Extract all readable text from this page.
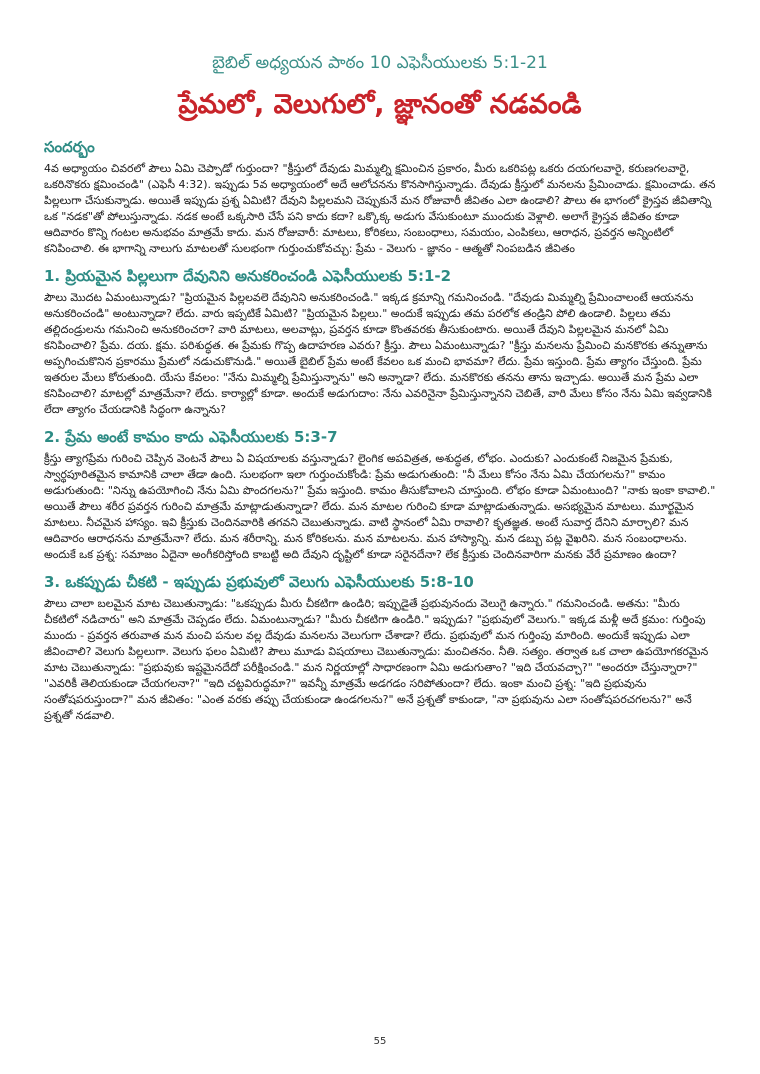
బైబిల్ అధ్యయన పాఠం 10 ఎఫెసీయులకు 5:1-21
ప్రేమలో, వెలుగులో, జ్ఞానంతో నడవండి
సందర్భం

4వ అధ్యాయం చివరలో పౌలు ఏమి చెప్పాడో గుర్తుందా? "క్రీస్తులో దేవుడు మిమ్మల్ని క్షమించిన ప్రకారం, మీరు ఒకరిపట్ల ఒకరు దయగలవారై, కరుణగలవారై, ఒకరినొకరు క్షమించండి" (ఎఫెసీ 4:32). ఇప్పుడు 5వ అధ్యాయంలో అదే ఆలోచనను కొనసాగిస్తున్నాడు. దేవుడు క్రీస్తులో మనలను ప్రేమించాడు. క్షమించాడు. తన పిల్లలుగా చేసుకున్నాడు. అయితే ఇప్పుడు ప్రశ్న ఏమిటి? దేవుని పిల్లలమని చెప్పుకునే మన రోజువారీ జీవితం ఎలా ఉండాలి? పౌలు ఈ భాగంలో క్రైస్తవ జీవితాన్ని ఒక "నడక"తో పోలుస్తున్నాడు. నడక అంటే ఒక్కసారి చేసే పని కాదు కదా? ఒక్కొక్క అడుగు వేసుకుంటూ ముందుకు వెళ్లాలి. అలాగే క్రైస్తవ జీవితం కూడా ఆదివారం కొన్ని గంటల అనుభవం మాత్రమే కాదు. మన రోజువారీ: మాటలు, కోరికలు, సంబంధాలు, సమయం, ఎంపికలు, ఆరాధన, ప్రవర్తన అన్నింటిలో కనిపించాలి. ఈ భాగాన్ని నాలుగు మాటలతో సులభంగా గుర్తుంచుకోవచ్చు: ప్రేమ - వెలుగు - జ్ఞానం - ఆత్మతో నింపబడిన జీవితం

1. ప్రియమైన పిల్లలుగా దేవునిని అనుకరించండి ఎఫెసీయులకు 5:1-2

పౌలు మొదట ఏమంటున్నాడు? "ప్రియమైన పిల్లలవలె దేవునిని అనుకరించండి." ఇక్కడ క్రమాన్ని గమనించండి. "దేవుడు మిమ్మల్ని ప్రేమించాలంటే ఆయనను అనుకరించండి" అంటున్నాడా? లేదు. వారు ఇప్పటికే ఏమిటి? "ప్రియమైన పిల్లలు." అందుకే ఇప్పుడు తమ పరలోక తండ్రిని పోలి ఉండాలి. పిల్లలు తమ తల్లిదండ్రులను గమనించి అనుకరించరా? వారి మాటలు, అలవాట్లు, ప్రవర్తన కూడా కొంతవరకు తీసుకుంటారు. అయితే దేవుని పిల్లలమైన మనలో ఏమి కనిపించాలి? ప్రేమ. దయ. క్షమ. పరిశుద్ధత. ఈ ప్రేమకు గొప్ప ఉదాహరణ ఎవరు? క్రీస్తు. పౌలు ఏమంటున్నాడు? "క్రీస్తు మనలను ప్రేమించి మనకొరకు తన్నుతాను అప్పగించుకొనిన ప్రకారము ప్రేమలో నడుచుకొనుడి." అయితే బైబిల్ ప్రేమ అంటే కేవలం ఒక మంచి భావమా? లేదు. ప్రేమ ఇస్తుంది. ప్రేమ త్యాగం చేస్తుంది. ప్రేమ ఇతరుల మేలు కోరుతుంది. యేసు కేవలం: "నేను మిమ్మల్ని ప్రేమిస్తున్నాను" అని అన్నాడా? లేదు. మనకొరకు తనను తాను ఇచ్చాడు. అయితే మన ప్రేమ ఎలా కనిపించాలి? మాటల్లో మాత్రమేనా? లేదు. కార్యాల్లో కూడా. అందుకే అడుగుదాం: నేను ఎవరినైనా ప్రేమిస్తున్నానని చెబితే, వారి మేలు కోసం నేను ఏమి ఇవ్వడానికి లేదా త్యాగం చేయడానికి సిద్ధంగా ఉన్నాను?

2. ప్రేమ అంటే కామం కాదు ఎఫెసీయులకు 5:3-7

క్రీస్తు త్యాగప్రేమ గురించి చెప్పిన వెంటనే పౌలు ఏ విషయాలకు వస్తున్నాడు? లైంగిక అపవిత్రత, అశుద్ధత, లోభం. ఎందుకు? ఎందుకంటే నిజమైన ప్రేమకు, స్వార్థపూరితమైన కామానికి చాలా తేడా ఉంది. సులభంగా ఇలా గుర్తుంచుకోండి: ప్రేమ అడుగుతుంది: "నీ మేలు కోసం నేను ఏమి చేయగలను?" కామం అడుగుతుంది: "నిన్ను ఉపయోగించి నేను ఏమి పొందగలను?" ప్రేమ ఇస్తుంది. కామం తీసుకోవాలని చూస్తుంది. లోభం కూడా ఏమంటుంది? "నాకు ఇంకా కావాలి." అయితే పౌలు శరీర ప్రవర్తన గురించి మాత్రమే మాట్లాడుతున్నాడా? లేదు. మన మాటల గురించి కూడా మాట్లాడుతున్నాడు. అసభ్యమైన మాటలు. మూర్ఖమైన మాటలు. నీచమైన హాస్యం. ఇవి క్రీస్తుకు చెందినవారికి తగవని చెబుతున్నాడు. వాటి స్థానంలో ఏమి రావాలి? కృతజ్ఞత. అంటే సువార్త దేనిని మార్చాలి? మన ఆదివారం ఆరాధనను మాత్రమేనా? లేదు. మన శరీరాన్ని. మన కోరికలను. మన మాటలను. మన హాస్యాన్ని. మన డబ్బు పట్ల వైఖరిని. మన సంబంధాలను. అందుకే ఒక ప్రశ్న: సమాజం ఏదైనా అంగీకరిస్తోంది కాబట్టి అది దేవుని దృష్టిలో కూడా సరైనదేనా? లేక క్రీస్తుకు చెందినవారిగా మనకు వేరే ప్రమాణం ఉందా?

3. ఒకప్పుడు చీకటి - ఇప్పుడు ప్రభువులో వెలుగు ఎఫెసీయులకు 5:8-10

పౌలు చాలా బలమైన మాట చెబుతున్నాడు: "ఒకప్పుడు మీరు చీకటిగా ఉండిరి; ఇప్పుడైతే ప్రభువునందు వెలుగై ఉన్నారు." గమనించండి. అతను: "మీరు చీకటిలో నడిచారు" అని మాత్రమే చెప్పడం లేదు. ఏమంటున్నాడు? "మీరు చీకటిగా ఉండిరి." ఇప్పుడు? "ప్రభువులో వెలుగు." ఇక్కడ మళ్లీ అదే క్రమం: గుర్తింపు ముందు - ప్రవర్తన తరువాత మన మంచి పనుల వల్ల దేవుడు మనలను వెలుగుగా చేశాడా? లేదు. ప్రభువులో మన గుర్తింపు మారింది. అందుకే ఇప్పుడు ఎలా జీవించాలి? వెలుగు పిల్లలుగా. వెలుగు ఫలం ఏమిటి? పౌలు మూడు విషయాలు చెబుతున్నాడు: మంచితనం. నీతి. సత్యం. తర్వాత ఒక చాలా ఉపయోగకరమైన మాట చెబుతున్నాడు: "ప్రభువుకు ఇష్టమైనదేదో పరీక్షించండి." మన నిర్ణయాల్లో సాధారణంగా ఏమి అడుగుతాం? "ఇది చేయవచ్చా?" "అందరూ చేస్తున్నారా?" "ఎవరికీ తెలియకుండా చేయగలనా?" "ఇది చట్టవిరుద్ధమా?" ఇవన్నీ మాత్రమే అడగడం సరిపోతుందా? లేదు. ఇంకా మంచి ప్రశ్న: "ఇది ప్రభువును సంతోషపరుస్తుందా?" మన జీవితం: "ఎంత వరకు తప్పు చేయకుండా ఉండగలను?" అనే ప్రశ్నతో కాకుండా, "నా ప్రభువును ఎలా సంతోషపరచగలను?" అనే ప్రశ్నతో నడవాలి.

55
